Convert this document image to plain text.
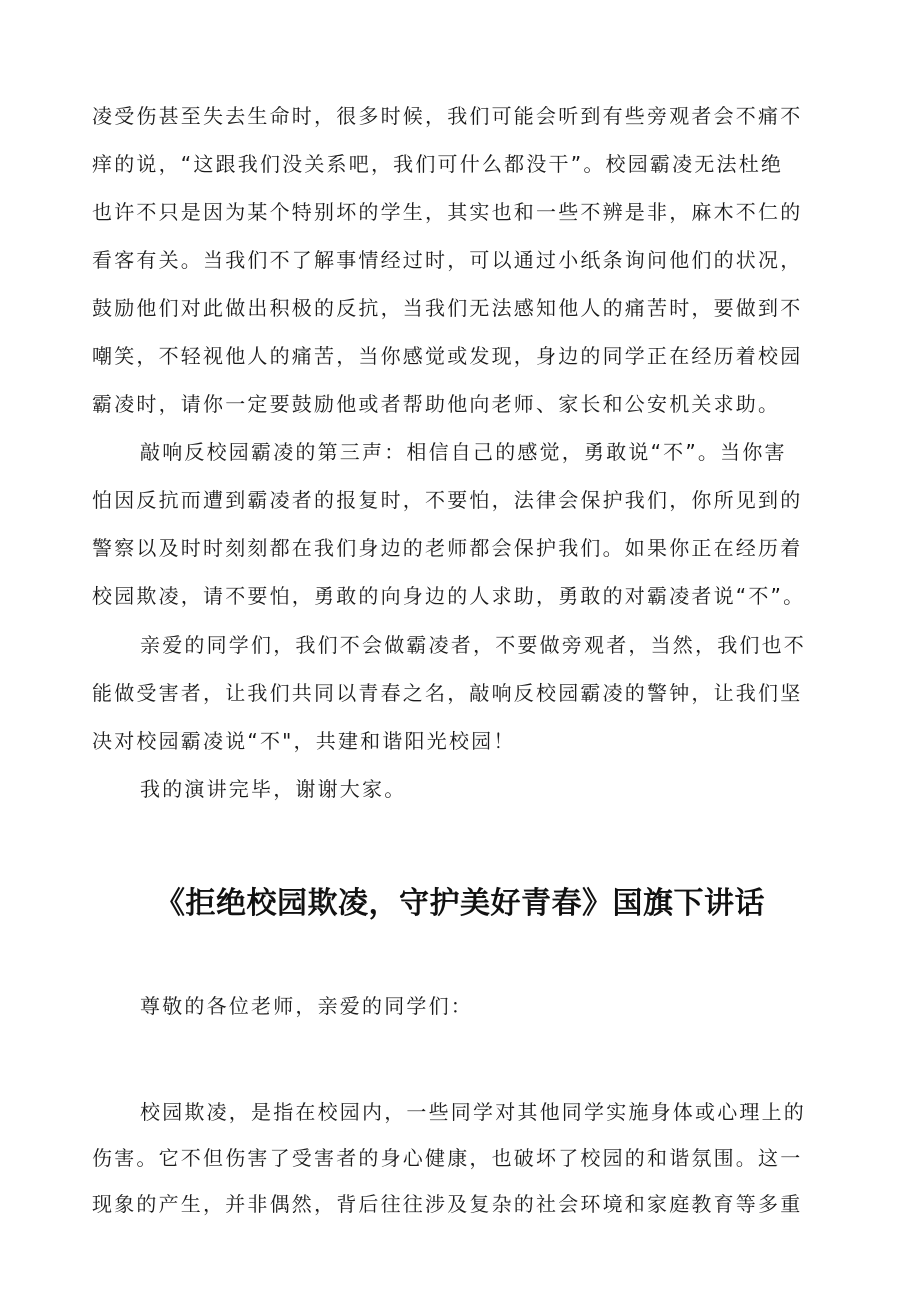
凌受伤甚至失去生命时，很多时候，我们可能会听到有些旁观者会不痛不
痒的说，“这跟我们没关系吧，我们可什么都没干”。校园霸凌无法杜绝
也许不只是因为某个特别坏的学生，其实也和一些不辨是非，麻木不仁的
看客有关。当我们不了解事情经过时，可以通过小纸条询问他们的状况，
鼓励他们对此做出积极的反抗，当我们无法感知他人的痛苦时，要做到不
嘲笑，不轻视他人的痛苦，当你感觉或发现，身边的同学正在经历着校园
霸凌时，请你一定要鼓励他或者帮助他向老师、家长和公安机关求助。
敲响反校园霸凌的第三声：相信自己的感觉，勇敢说“不”。当你害
怕因反抗而遭到霸凌者的报复时，不要怕，法律会保护我们，你所见到的
警察以及时时刻刻都在我们身边的老师都会保护我们。如果你正在经历着
校园欺凌，请不要怕，勇敢的向身边的人求助，勇敢的对霸凌者说“不”。
亲爱的同学们，我们不会做霸凌者，不要做旁观者，当然，我们也不
能做受害者，让我们共同以青春之名，敲响反校园霸凌的警钟，让我们坚
决对校园霸凌说“不"，共建和谐阳光校园！
我的演讲完毕，谢谢大家。
《拒绝校园欺凌，守护美好青春》国旗下讲话
尊敬的各位老师，亲爱的同学们：
校园欺凌，是指在校园内，一些同学对其他同学实施身体或心理上的
伤害。它不但伤害了受害者的身心健康，也破坏了校园的和谐氛围。这一
现象的产生，并非偶然，背后往往涉及复杂的社会环境和家庭教育等多重
